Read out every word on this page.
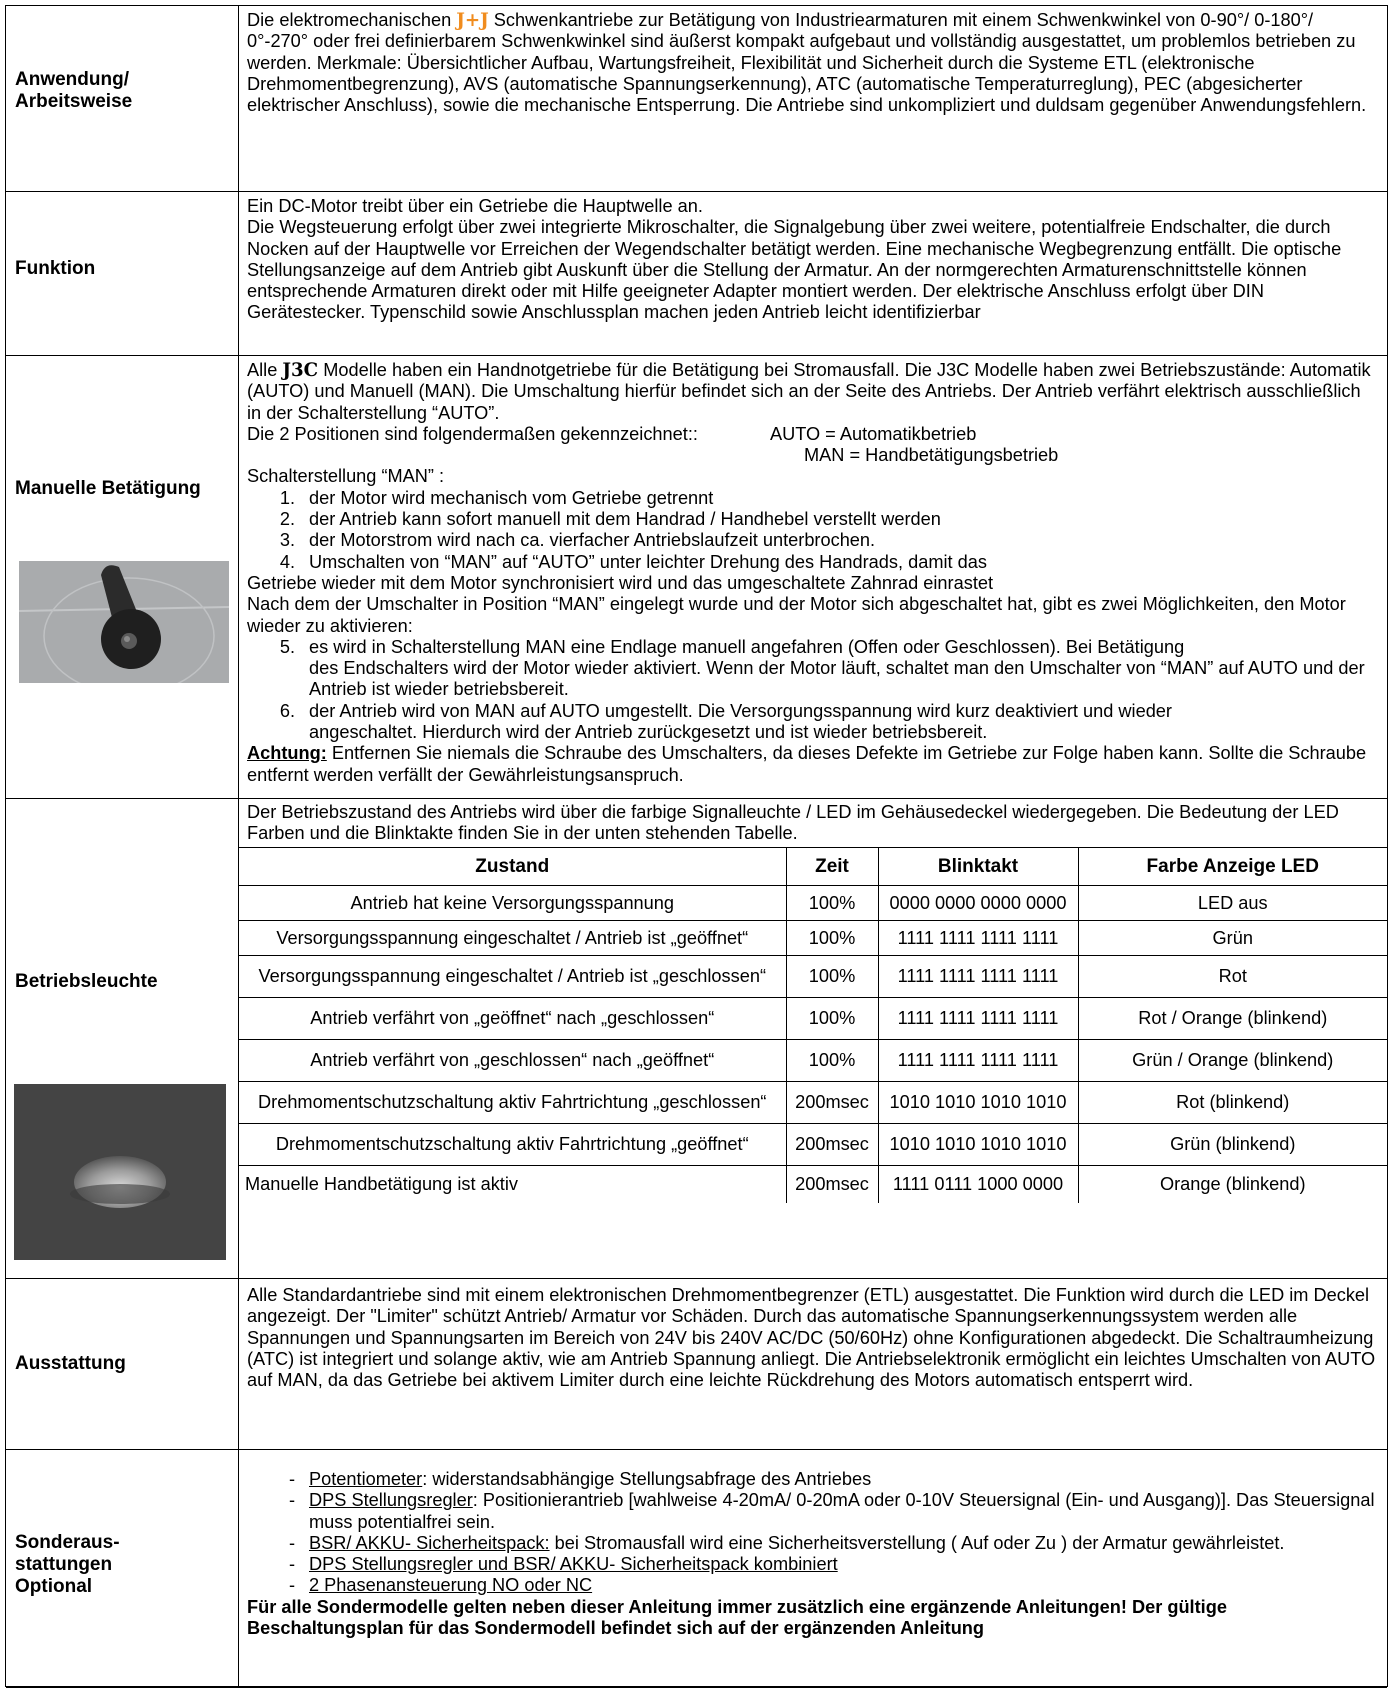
Anwendung/
Arbeitsweise

Die elektromechanischen J+J Schwenkantriebe zur Betätigung von Industriearmaturen mit einem Schwenkwinkel von 0-90°/ 0-180°/ 0°-270° oder frei definierbarem Schwenkwinkel sind äußerst kompakt aufgebaut und vollständig ausgestattet, um problemlos betrieben zu werden. Merkmale: Übersichtlicher Aufbau, Wartungsfreiheit, Flexibilität und Sicherheit durch die Systeme ETL (elektronische Drehmomentbegrenzung), AVS (automatische Spannungserkennung), ATC (automatische Temperaturreglung), PEC (abgesicherter elektrischer Anschluss), sowie die mechanische Entsperrung. Die Antriebe sind unkompliziert und duldsam gegenüber Anwendungsfehlern.

Funktion

Ein DC-Motor treibt über ein Getriebe die Hauptwelle an.

Die Wegsteuerung erfolgt über zwei integrierte Mikroschalter, die Signalgebung über zwei weitere, potentialfreie Endschalter, die durch Nocken auf der Hauptwelle vor Erreichen der Wegendschalter betätigt werden. Eine mechanische Wegbegrenzung entfällt. Die optische Stellungsanzeige auf dem Antrieb gibt Auskunft über die Stellung der Armatur. An der normgerechten Armaturenschnittstelle können entsprechende Armaturen direkt oder mit Hilfe geeigneter Adapter montiert werden. Der elektrische Anschluss erfolgt über DIN Gerätestecker. Typenschild sowie Anschlussplan machen jeden Antrieb leicht identifizierbar

Manuelle Betätigung

Alle J3C Modelle haben ein Handnotgetriebe für die Betätigung bei Stromausfall. Die J3C Modelle haben zwei Betriebszustände: Automatik (AUTO) und Manuell (MAN). Die Umschaltung hierfür befindet sich an der Seite des Antriebs. Der Antrieb verfährt elektrisch ausschließlich in der Schalterstellung “AUTO”.

Die 2 Positionen sind folgendermaßen gekennzeichnet::	AUTO = Automatikbetrieb

MAN = Handbetätigungsbetrieb

Schalterstellung “MAN” :

1. der Motor wird mechanisch vom Getriebe getrennt
2. der Antrieb kann sofort manuell mit dem Handrad / Handhebel verstellt werden
3. der Motorstrom wird nach ca. vierfacher Antriebslaufzeit unterbrochen.
4. Umschalten von “MAN” auf “AUTO” unter leichter Drehung des Handrads, damit das

Getriebe wieder mit dem Motor synchronisiert wird und das umgeschaltete Zahnrad einrastet

Nach dem der Umschalter in Position “MAN” eingelegt wurde und der Motor sich abgeschaltet hat, gibt es zwei Möglichkeiten, den Motor wieder zu aktivieren:

5. es wird in Schalterstellung MAN eine Endlage manuell angefahren (Offen oder Geschlossen). Bei Betätigung
des Endschalters wird der Motor wieder aktiviert. Wenn der Motor läuft, schaltet man den Umschalter von “MAN” auf AUTO und der Antrieb ist wieder betriebsbereit.
6. der Antrieb wird von MAN auf AUTO umgestellt. Die Versorgungsspannung wird kurz deaktiviert und wieder
angeschaltet. Hierdurch wird der Antrieb zurückgesetzt und ist wieder betriebsbereit.

Achtung: Entfernen Sie niemals die Schraube des Umschalters, da dieses Defekte im Getriebe zur Folge haben kann. Sollte die Schraube entfernt werden verfällt der Gewährleistungsanspruch.

Betriebsleuchte

Der Betriebszustand des Antriebs wird über die farbige Signalleuchte / LED im Gehäusedeckel wiedergegeben. Die Bedeutung der LED Farben und die Blinktakte finden Sie in der unten stehenden Tabelle.

Zustand	Zeit	Blinktakt	Farbe Anzeige LED
Antrieb hat keine Versorgungsspannung	100%	0000 0000 0000 0000	LED aus
Versorgungsspannung eingeschaltet / Antrieb ist „geöffnet“	100%	1111 1111 1111 1111	Grün
Versorgungsspannung eingeschaltet / Antrieb ist „geschlossen“	100%	1111 1111 1111 1111	Rot
Antrieb verfährt von „geöffnet“ nach „geschlossen“	100%	1111 1111 1111 1111	Rot / Orange (blinkend)
Antrieb verfährt von „geschlossen“ nach „geöffnet“	100%	1111 1111 1111 1111	Grün / Orange (blinkend)
Drehmomentschutzschaltung aktiv Fahrtrichtung „geschlossen“	200msec	1010 1010 1010 1010	Rot (blinkend)
Drehmomentschutzschaltung aktiv Fahrtrichtung „geöffnet“	200msec	1010 1010 1010 1010	Grün (blinkend)
Manuelle Handbetätigung ist aktiv	200msec	1111 0111 1000 0000	Orange (blinkend)
Ausstattung

Alle Standardantriebe sind mit einem elektronischen Drehmomentbegrenzer (ETL) ausgestattet. Die Funktion wird durch die LED im Deckel angezeigt. Der "Limiter" schützt Antrieb/ Armatur vor Schäden. Durch das automatische Spannungserkennungssystem werden alle Spannungen und Spannungsarten im Bereich von 24V bis 240V AC/DC (50/60Hz) ohne Konfigurationen abgedeckt. Die Schaltraumheizung (ATC) ist integriert und solange aktiv, wie am Antrieb Spannung anliegt. Die Antriebselektronik ermöglicht ein leichtes Umschalten von AUTO auf MAN, da das Getriebe bei aktivem Limiter durch eine leichte Rückdrehung des Motors automatisch entsperrt wird.

Sonderaus-
stattungen
Optional
- Potentiometer: widerstandsabhängige Stellungsabfrage des Antriebes
- DPS Stellungsregler: Positionierantrieb [wahlweise 4-20mA/ 0-20mA oder 0-10V Steuersignal (Ein- und Ausgang)]. Das Steuersignal muss potentialfrei sein.
- BSR/ AKKU- Sicherheitspack: bei Stromausfall wird eine Sicherheitsverstellung ( Auf oder Zu ) der Armatur gewährleistet.
- DPS Stellungsregler und BSR/ AKKU- Sicherheitspack kombiniert
- 2 Phasenansteuerung NO oder NC

Für alle Sondermodelle gelten neben dieser Anleitung immer zusätzlich eine ergänzende Anleitungen! Der gültige Beschaltungsplan für das Sondermodell befindet sich auf der ergänzenden Anleitung
